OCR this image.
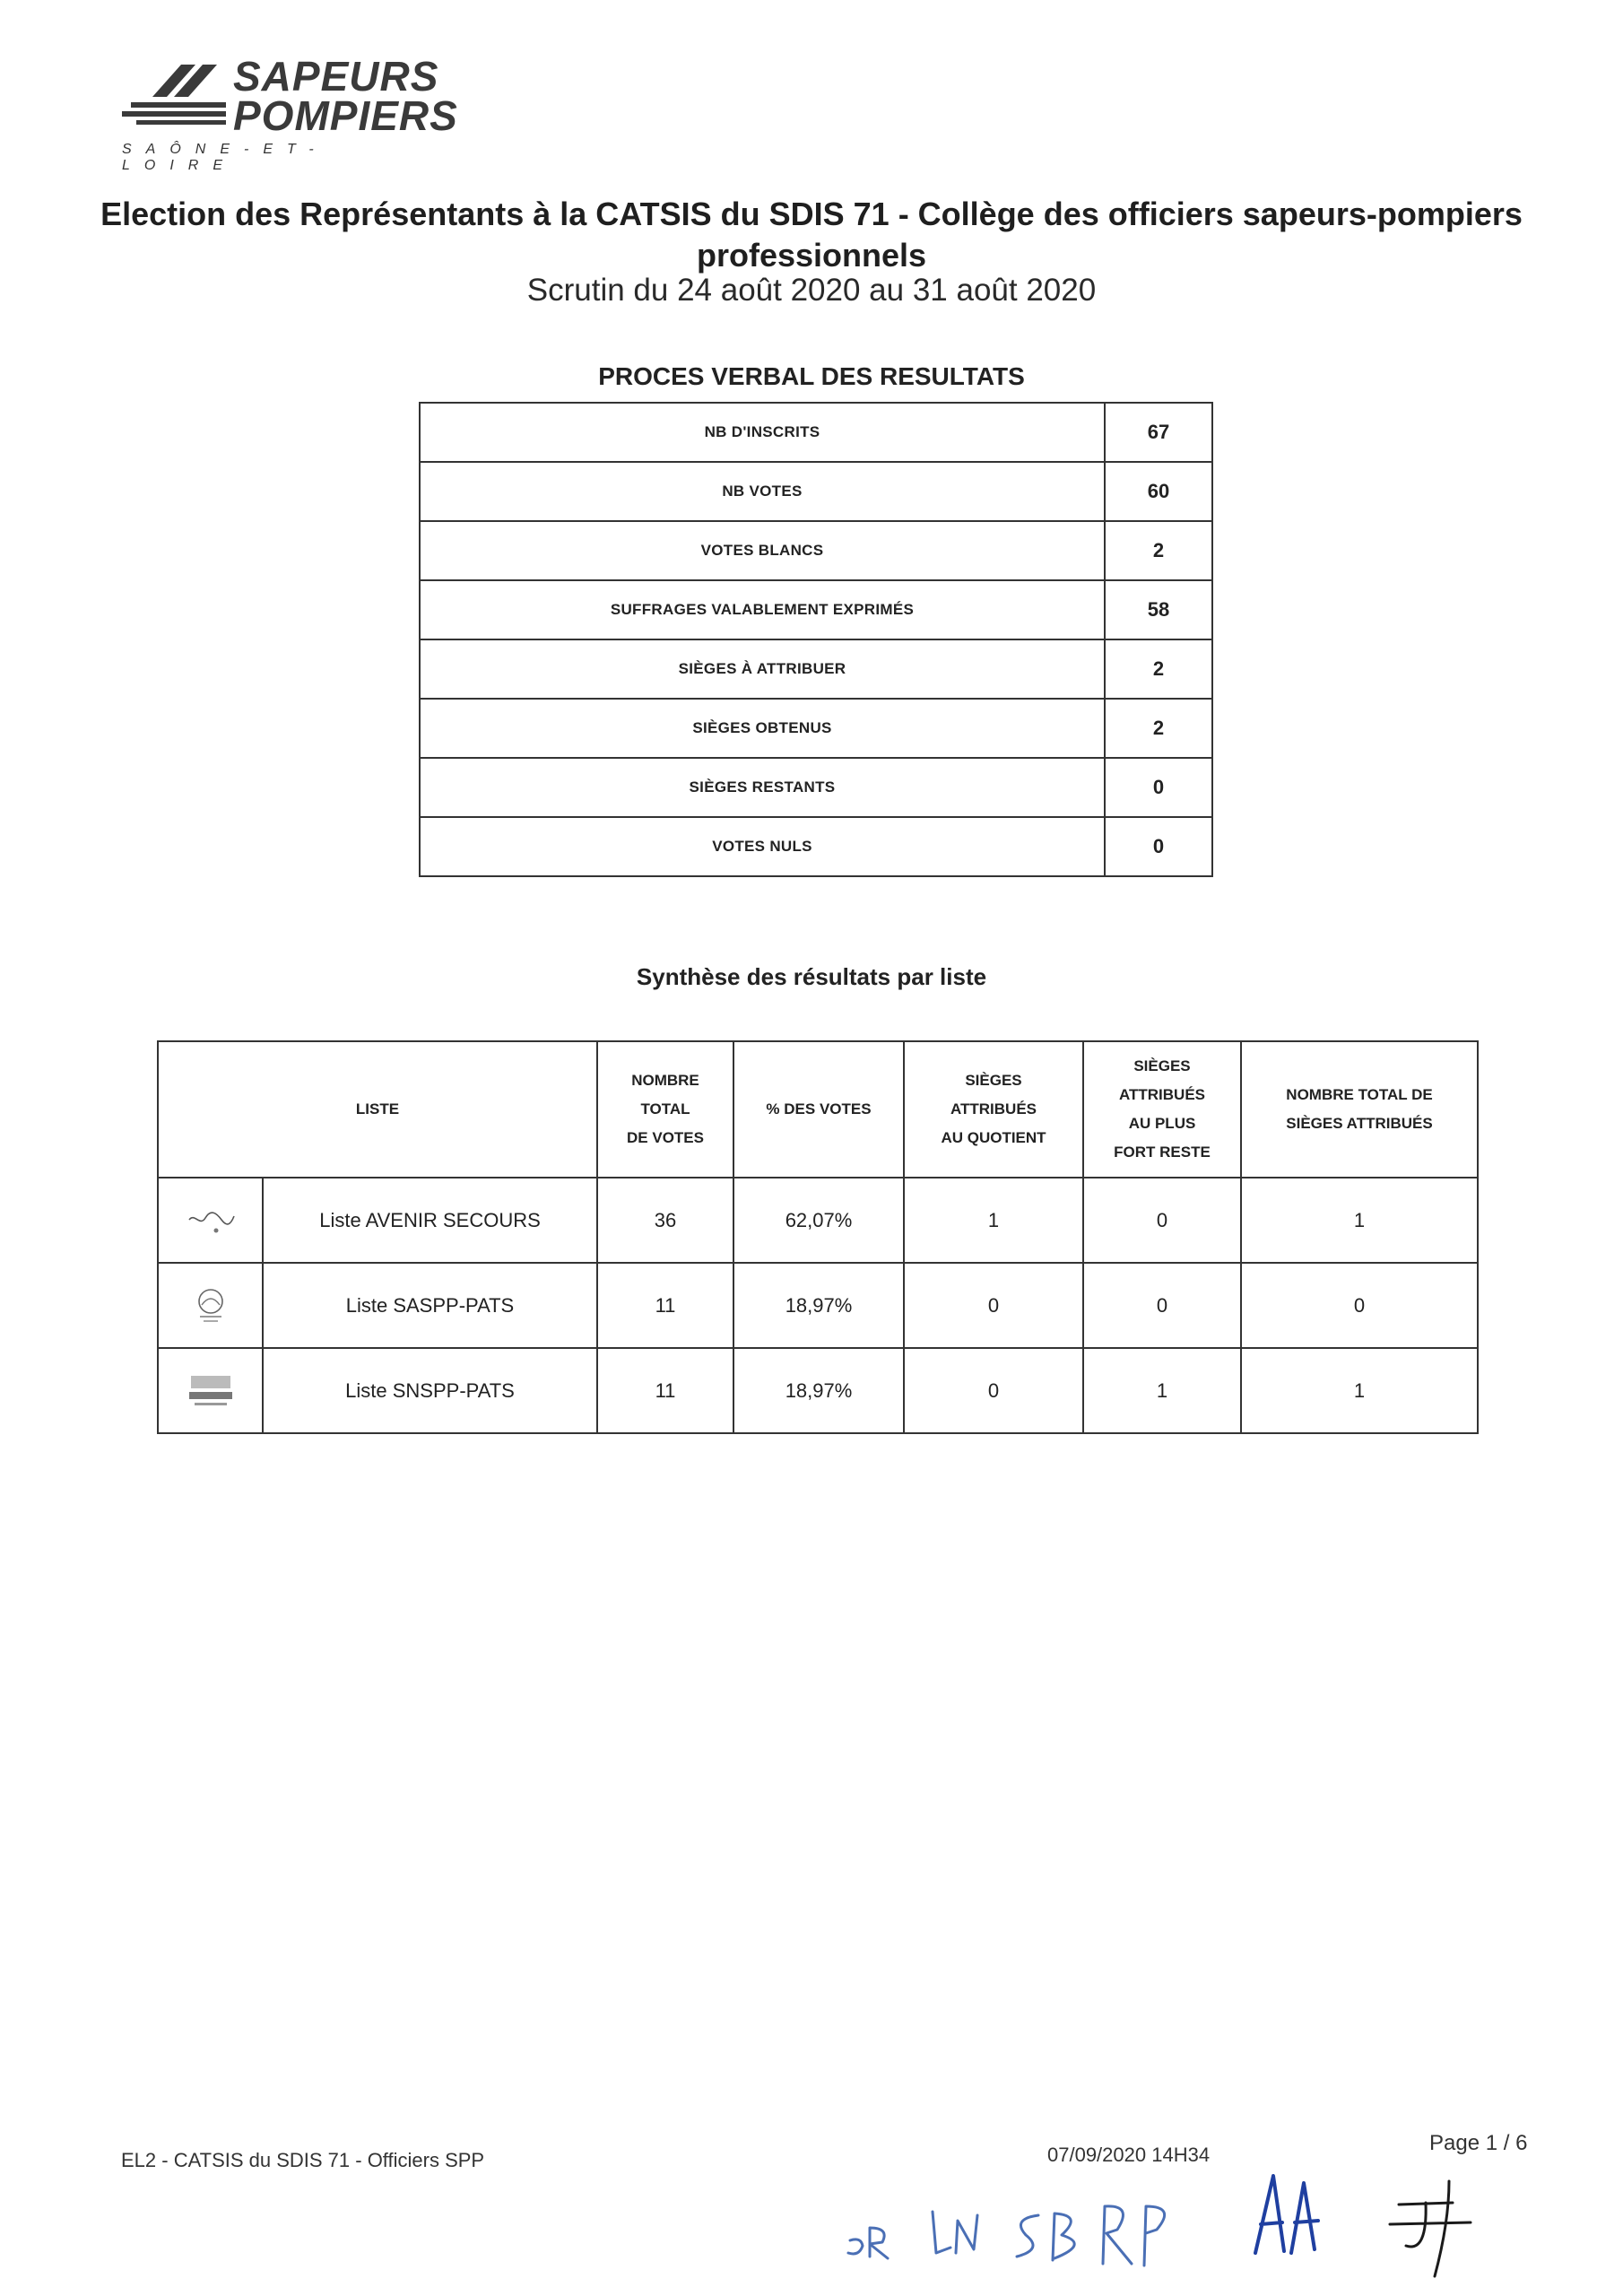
SAPEURS
POMPIERS
SAÔNE-ET-LOIRE
Election des Représentants à la CATSIS du SDIS 71 - Collège des officiers sapeurs-pompiers professionnels
Scrutin du 24 août 2020 au 31 août 2020
PROCES VERBAL DES RESULTATS
NB D'INSCRITS	67
NB VOTES	60
VOTES BLANCS	2
SUFFRAGES VALABLEMENT EXPRIMÉS	58
SIÈGES À ATTRIBUER	2
SIÈGES OBTENUS	2
SIÈGES RESTANTS	0
VOTES NULS	0
Synthèse des résultats par liste
LISTE		NOMBRE
TOTAL
DE VOTES	% DES VOTES	SIÈGES
ATTRIBUÉS
AU QUOTIENT	SIÈGES
ATTRIBUÉS
AU PLUS
FORT RESTE	NOMBRE TOTAL DE
SIÈGES ATTRIBUÉS

	Liste AVENIR SECOURS	36	62,07%	1	0	1

	Liste SASPP-PATS	11	18,97%	0	0	0

	Liste SNSPP-PATS	11	18,97%	0	1	1
EL2 - CATSIS du SDIS 71 - Officiers SPP	07/09/2020 14H34	Page 1 / 6
